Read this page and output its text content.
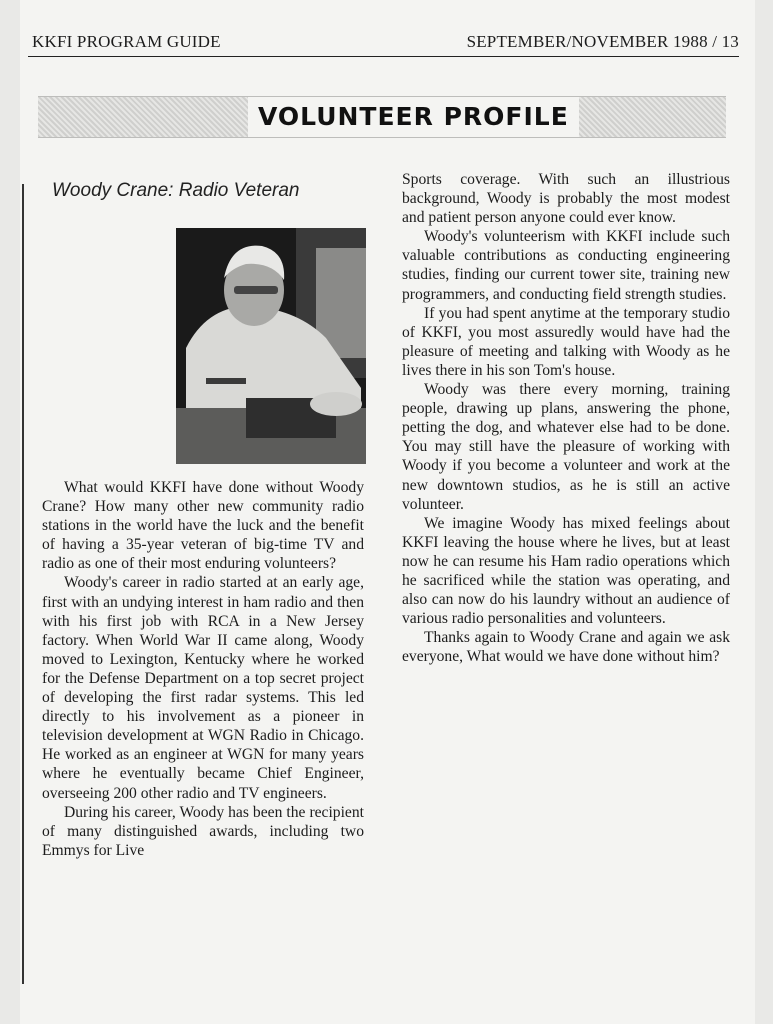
KKFI PROGRAM GUIDE	SEPTEMBER/NOVEMBER 1988 / 13
VOLUNTEER PROFILE
Woody Crane: Radio Veteran

What would KKFI have done without Woody Crane? How many other new community radio stations in the world have the luck and the benefit of having a 35-year veteran of big-time TV and radio as one of their most enduring volunteers?

Woody's career in radio started at an early age, first with an undying interest in ham radio and then with his first job with RCA in a New Jersey factory. When World War II came along, Woody moved to Lexington, Kentucky where he worked for the Defense Department on a top secret project of developing the first radar systems. This led directly to his involvement as a pioneer in television development at WGN Radio in Chicago. He worked as an engineer at WGN for many years where he eventually became Chief Engineer, overseeing 200 other radio and TV engineers.

During his career, Woody has been the recipient of many distinguished awards, including two Emmys for Live

Sports coverage. With such an illustrious background, Woody is probably the most modest and patient person anyone could ever know.

Woody's volunteerism with KKFI include such valuable contributions as conducting engineering studies, finding our current tower site, training new programmers, and conducting field strength studies.

If you had spent anytime at the temporary studio of KKFI, you most assuredly would have had the pleasure of meeting and talking with Woody as he lives there in his son Tom's house.

Woody was there every morning, training people, drawing up plans, answering the phone, petting the dog, and whatever else had to be done. You may still have the pleasure of working with Woody if you become a volunteer and work at the new downtown studios, as he is still an active volunteer.

We imagine Woody has mixed feelings about KKFI leaving the house where he lives, but at least now he can resume his Ham radio operations which he sacrificed while the station was operating, and also can now do his laundry without an audience of various radio personalities and volunteers.

Thanks again to Woody Crane and again we ask everyone, What would we have done without him?
